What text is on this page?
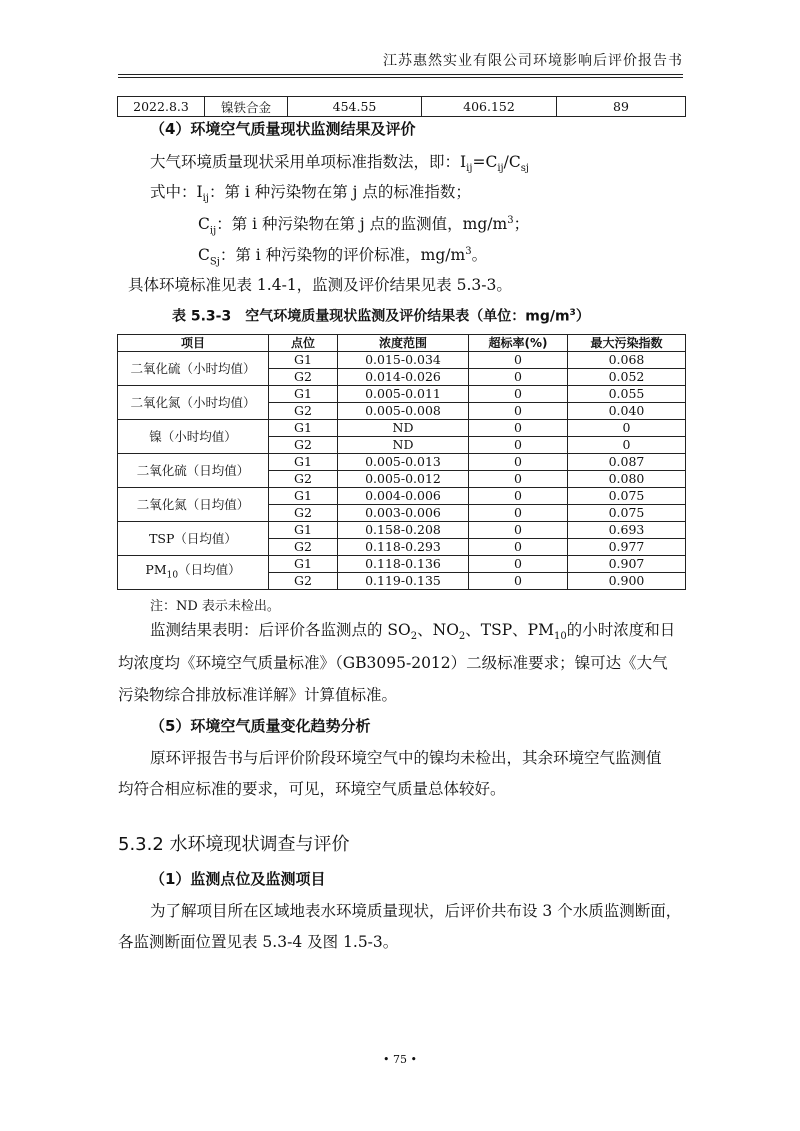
江苏惠然实业有限公司环境影响后评价报告书
2022.8.3	镍铁合金	454.55	406.152	89
（4）环境空气质量现状监测结果及评价
大气环境质量现状采用单项标准指数法，即：$I_{ij}=C_{ij}/C_{sj}$
式中：$I_{ij}$：第 i 种污染物在第 j 点的标准指数；
$C_{ij}$：第 i 种污染物在第 j 点的监测值，$mg/m^3$；
$C_{Sj}$：第 i 种污染物的评价标准，$mg/m^3$。
具体环境标准见表 1.4-1，监测及评价结果见表 5.3-3。
表 5.3-3　空气环境质量现状监测及评价结果表（单位：$mg/m^3$）
项目	点位	浓度范围	超标率(%)	最大污染指数
二氧化硫（小时均值）	G1	0.015-0.034	0	0.068
	G2	0.014-0.026	0	0.052
二氧化氮（小时均值）	G1	0.005-0.011	0	0.055
	G2	0.005-0.008	0	0.040
镍（小时均值）	G1	ND	0	0
	G2	ND	0	0
二氧化硫（日均值）	G1	0.005-0.013	0	0.087
	G2	0.005-0.012	0	0.080
二氧化氮（日均值）	G1	0.004-0.006	0	0.075
	G2	0.003-0.006	0	0.075
TSP（日均值）	G1	0.158-0.208	0	0.693
	G2	0.118-0.293	0	0.977
$PM_{10}$（日均值）	G1	0.118-0.136	0	0.907
	G2	0.119-0.135	0	0.900
注：ND 表示未检出。
监测结果表明：后评价各监测点的 $SO_2$、$NO_2$、TSP、$PM_{10}$的小时浓度和日
均浓度均《环境空气质量标准》（GB3095-2012）二级标准要求；镍可达《大气
污染物综合排放标准详解》计算值标准。
（5）环境空气质量变化趋势分析
原环评报告书与后评价阶段环境空气中的镍均未检出，其余环境空气监测值
均符合相应标准的要求，可见，环境空气质量总体较好。
5.3.2 水环境现状调查与评价
（1）监测点位及监测项目
为了解项目所在区域地表水环境质量现状，后评价共布设 3 个水质监测断面，
各监测断面位置见表 5.3-4 及图 1.5-3。
• 75 •
